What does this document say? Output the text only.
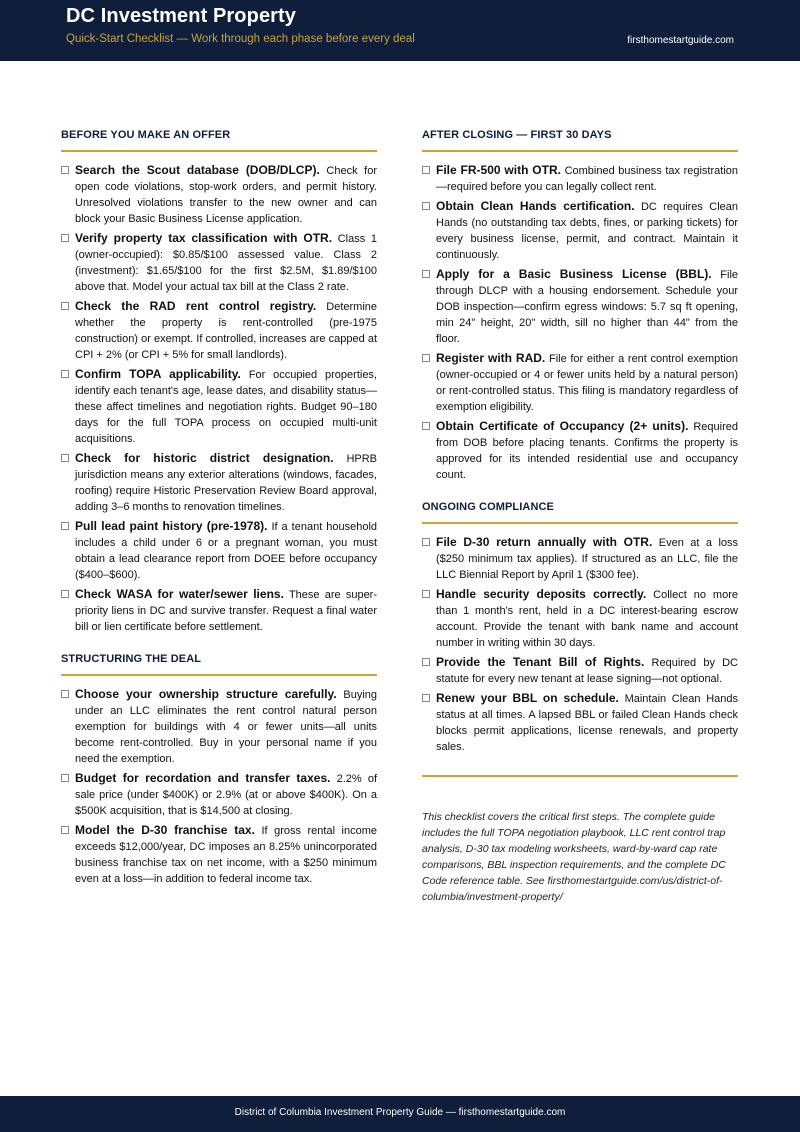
DC Investment Property
Quick-Start Checklist — Work through each phase before every deal	firsthomestartguide.com
BEFORE YOU MAKE AN OFFER
Search the Scout database (DOB/DLCP). Check for open code violations, stop-work orders, and permit history. Unresolved violations transfer to the new owner and can block your Basic Business License application.
Verify property tax classification with OTR. Class 1 (owner-occupied): $0.85/$100 assessed value. Class 2 (investment): $1.65/$100 for the first $2.5M, $1.89/$100 above that. Model your actual tax bill at the Class 2 rate.
Check the RAD rent control registry. Determine whether the property is rent-controlled (pre-1975 construction) or exempt. If controlled, increases are capped at CPI + 2% (or CPI + 5% for small landlords).
Confirm TOPA applicability. For occupied properties, identify each tenant's age, lease dates, and disability status—these affect timelines and negotiation rights. Budget 90–180 days for the full TOPA process on occupied multi-unit acquisitions.
Check for historic district designation. HPRB jurisdiction means any exterior alterations (windows, facades, roofing) require Historic Preservation Review Board approval, adding 3–6 months to renovation timelines.
Pull lead paint history (pre-1978). If a tenant household includes a child under 6 or a pregnant woman, you must obtain a lead clearance report from DOEE before occupancy ($400–$600).
Check WASA for water/sewer liens. These are super-priority liens in DC and survive transfer. Request a final water bill or lien certificate before settlement.
STRUCTURING THE DEAL
Choose your ownership structure carefully. Buying under an LLC eliminates the rent control natural person exemption for buildings with 4 or fewer units—all units become rent-controlled. Buy in your personal name if you need the exemption.
Budget for recordation and transfer taxes. 2.2% of sale price (under $400K) or 2.9% (at or above $400K). On a $500K acquisition, that is $14,500 at closing.
Model the D-30 franchise tax. If gross rental income exceeds $12,000/year, DC imposes an 8.25% unincorporated business franchise tax on net income, with a $250 minimum even at a loss—in addition to federal income tax.
AFTER CLOSING — FIRST 30 DAYS
File FR-500 with OTR. Combined business tax registration—required before you can legally collect rent.
Obtain Clean Hands certification. DC requires Clean Hands (no outstanding tax debts, fines, or parking tickets) for every business license, permit, and contract. Maintain it continuously.
Apply for a Basic Business License (BBL). File through DLCP with a housing endorsement. Schedule your DOB inspection—confirm egress windows: 5.7 sq ft opening, min 24" height, 20" width, sill no higher than 44" from the floor.
Register with RAD. File for either a rent control exemption (owner-occupied or 4 or fewer units held by a natural person) or rent-controlled status. This filing is mandatory regardless of exemption eligibility.
Obtain Certificate of Occupancy (2+ units). Required from DOB before placing tenants. Confirms the property is approved for its intended residential use and occupancy count.
ONGOING COMPLIANCE
File D-30 return annually with OTR. Even at a loss ($250 minimum tax applies). If structured as an LLC, file the LLC Biennial Report by April 1 ($300 fee).
Handle security deposits correctly. Collect no more than 1 month's rent, held in a DC interest-bearing escrow account. Provide the tenant with bank name and account number in writing within 30 days.
Provide the Tenant Bill of Rights. Required by DC statute for every new tenant at lease signing—not optional.
Renew your BBL on schedule. Maintain Clean Hands status at all times. A lapsed BBL or failed Clean Hands check blocks permit applications, license renewals, and property sales.
This checklist covers the critical first steps. The complete guide includes the full TOPA negotiation playbook, LLC rent control trap analysis, D-30 tax modeling worksheets, ward-by-ward cap rate comparisons, BBL inspection requirements, and the complete DC Code reference table. See firsthomestartguide.com/us/district-of-columbia/investment-property/
District of Columbia Investment Property Guide — firsthomestartguide.com
